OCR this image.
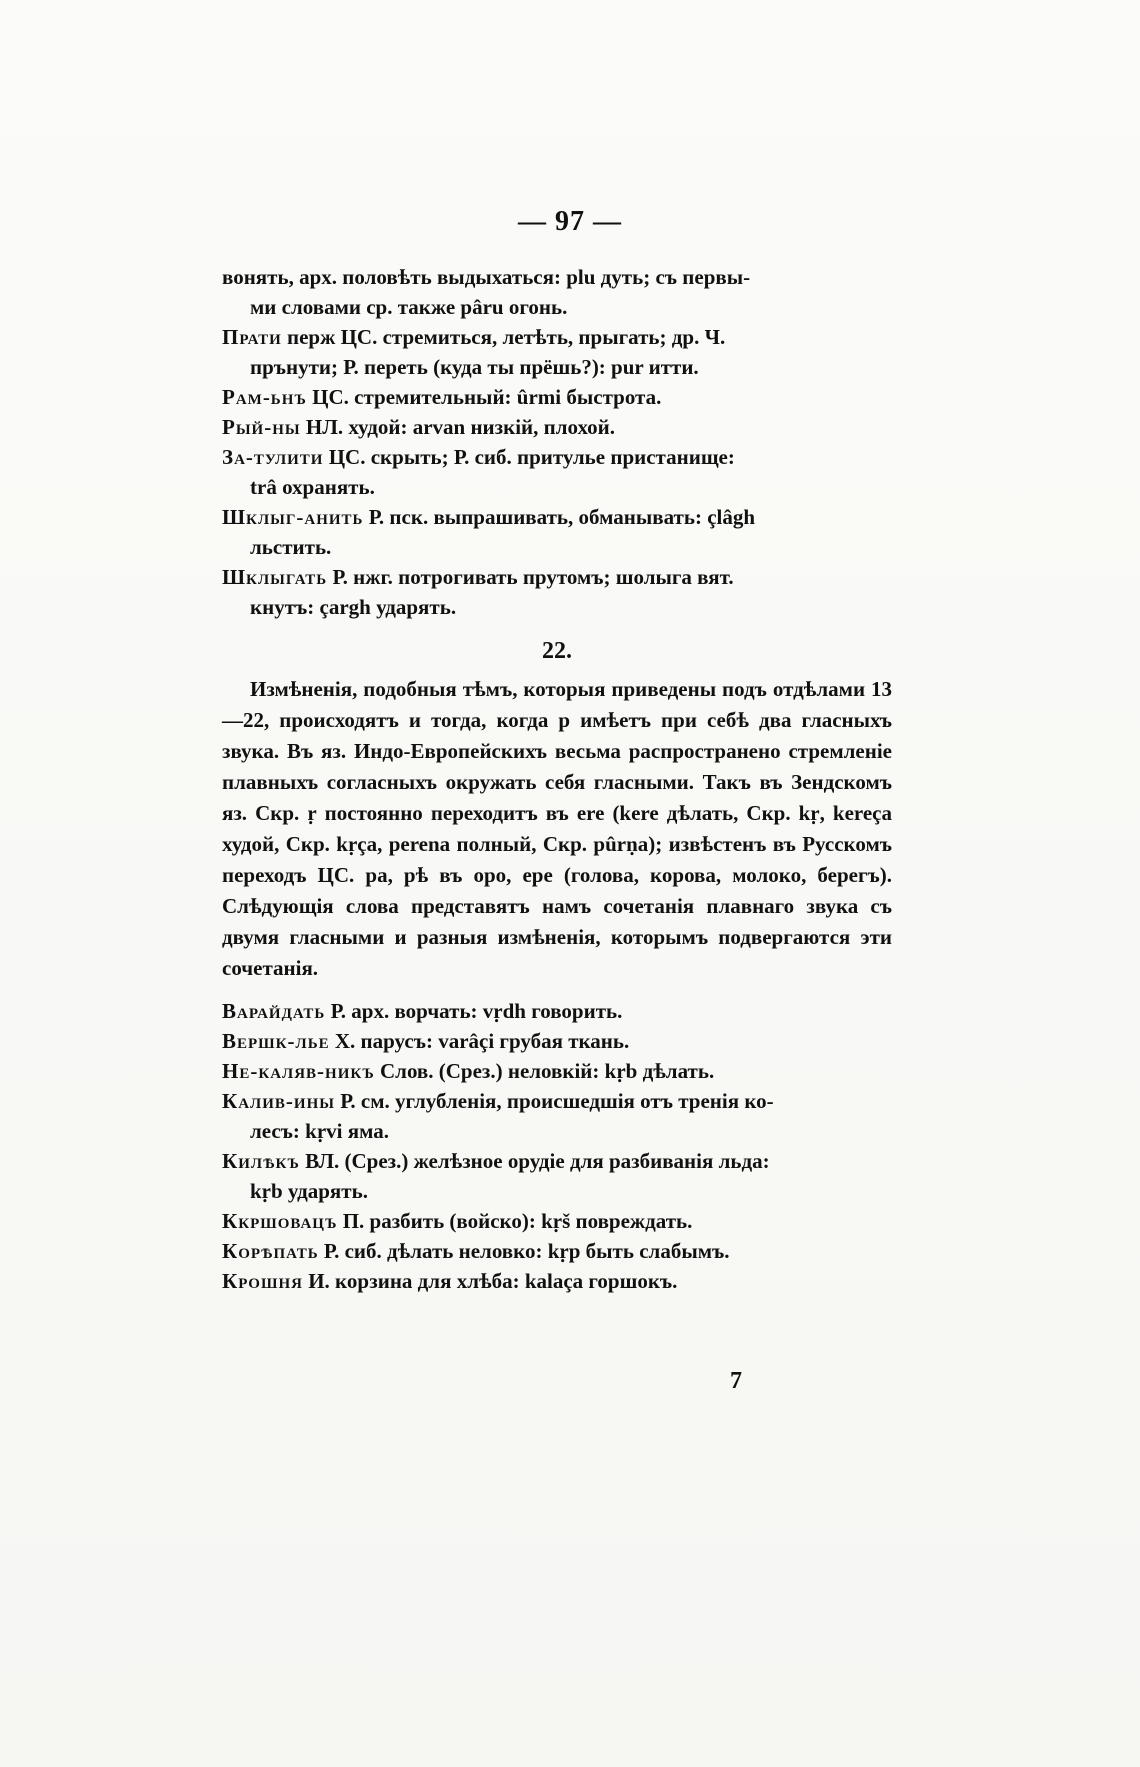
— 97 —

вонять, арх. половѣть выдыхаться: plu дуть; съ первы-

ми словами ср. также pâru огонь.

Прати перж ЦС. стремиться, летѣть, прыгать; др. Ч.
прънути; Р. переть (куда ты прёшь?): pur итти.

Рам-ьнъ ЦС. стремительный: ûrmi быстрота.

Рый-ны НЛ. худой: arvan низкій, плохой.

За-тулити ЦС. скрыть; Р. сиб. притулье пристанище:
trâ охранять.

Шклыг-анить Р. пск. выпрашивать, обманывать: çlâgh
льстить.

Шклыгать Р. нжг. потрогивать прутомъ; шолыга вят.
кнутъ: çargh ударять.

22.

Измѣненія, подобныя тѣмъ, которыя приведены подъ отдѣлами 13—22, происходятъ и тогда, когда р имѣетъ при себѣ два гласныхъ звука. Въ яз. Индо-Европейскихъ весьма распространено стремленіе плавныхъ согласныхъ окружать себя гласными. Такъ въ Зендскомъ яз. Скр. ṛ постоянно переходитъ въ ere (kere дѣлать, Скр. kṛ, kereça худой, Скр. kṛça, perena полный, Скр. pûrṇa); извѣстенъ въ Русскомъ переходъ ЦС. ра, рѣ въ оро, ере (голова, корова, молоко, берегъ). Слѣдующія слова представятъ намъ сочетанія плавнаго звука съ двумя гласными и разныя измѣненія, которымъ подвергаются эти сочетанія.

Варайдать Р. арх. ворчать: vṛdh говорить.

Вершк-лье Х. парусъ: varâçi грубая ткань.

Не-каляв-никъ Слов. (Срез.) неловкій: kṛb дѣлать.

Калив-ины Р. см. углубленія, происшедшія отъ тренія ко-
лесъ: kṛvi яма.

Килѣкъ ВЛ. (Срез.) желѣзное орудіе для разбиванія льда:
kṛb ударять.

Ккршовацъ П. разбить (войско): kṛš повреждать.

Корѣпать Р. сиб. дѣлать неловко: kṛp быть слабымъ.

Крошня И. корзина для хлѣба: kalaça горшокъ.

7
